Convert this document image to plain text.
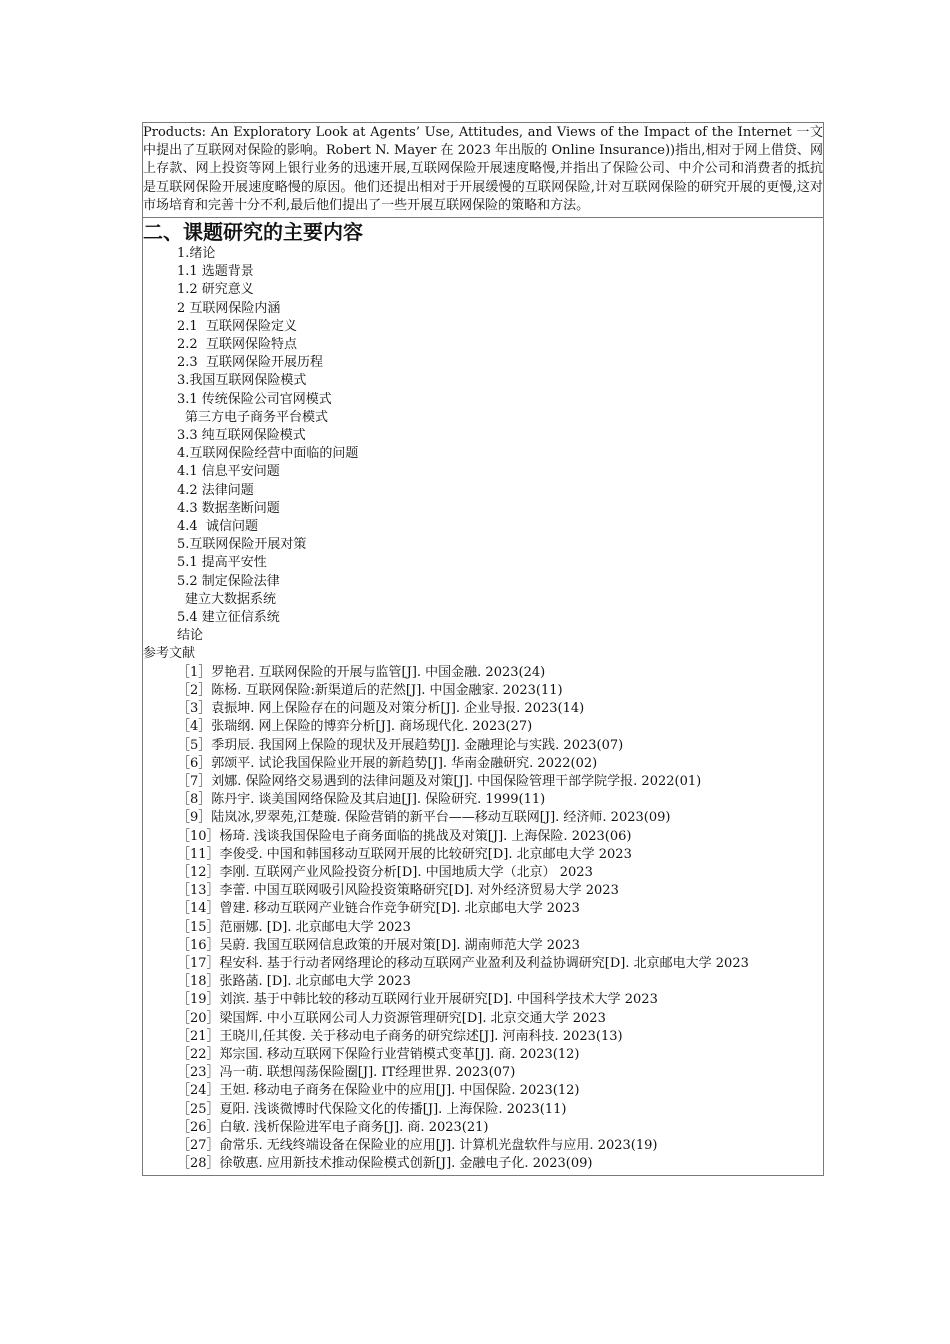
Products: An Exploratory Look at Agents’ Use, Attitudes, and Views of the Impact of the Internet 一文中提出了互联网对保险的影响。Robert N. Mayer 在 2023 年出版的 Online Insurance))指出,相对于网上借贷、网上存款、网上投资等网上银行业务的迅速开展,互联网保险开展速度略慢,并指出了保险公司、中介公司和消费者的抵抗是互联网保险开展速度略慢的原因。他们还提出相对于开展缓慢的互联网保险,计对互联网保险的研究开展的更慢,这对市场培育和完善十分不利,最后他们提出了一些开展互联网保险的策略和方法。

二、课题研究的主要内容
1.绪论
1.1 选题背景
1.2 研究意义
2 互联网保险内涵
2.1  互联网保险定义
2.2  互联网保险特点
2.3  互联网保险开展历程
3.我国互联网保险模式
3.1 传统保险公司官网模式
第三方电子商务平台模式
3.3 纯互联网保险模式
4.互联网保险经营中面临的问题
4.1 信息平安问题
4.2 法律问题
4.3 数据垄断问题
4.4  诚信问题
5.互联网保险开展对策
5.1 提高平安性
5.2 制定保险法律
建立大数据系统
5.4 建立征信系统
结论
参考文献
［1］罗艳君. 互联网保险的开展与监管[J]. 中国金融. 2023(24)
［2］陈杨. 互联网保险:新渠道后的茫然[J]. 中国金融家. 2023(11)
［3］袁振坤. 网上保险存在的问题及对策分析[J]. 企业导报. 2023(14)
［4］张瑞纲. 网上保险的博弈分析[J]. 商场现代化. 2023(27)
［5］季玥辰. 我国网上保险的现状及开展趋势[J]. 金融理论与实践. 2023(07)
［6］郭颂平. 试论我国保险业开展的新趋势[J]. 华南金融研究. 2022(02)
［7］刘娜. 保险网络交易遇到的法律问题及对策[J]. 中国保险管理干部学院学报. 2022(01)
［8］陈丹宇. 谈美国网络保险及其启迪[J]. 保险研究. 1999(11)
［9］陆岚冰,罗翠苑,江楚璇. 保险营销的新平台——移动互联网[J]. 经济师. 2023(09)
［10］杨琦. 浅谈我国保险电子商务面临的挑战及对策[J]. 上海保险. 2023(06)
［11］李俊受. 中国和韩国移动互联网开展的比较研究[D]. 北京邮电大学 2023
［12］李刚. 互联网产业风险投资分析[D]. 中国地质大学（北京） 2023
［13］李蕾. 中国互联网吸引风险投资策略研究[D]. 对外经济贸易大学 2023
［14］曾建. 移动互联网产业链合作竞争研究[D]. 北京邮电大学 2023
［15］范丽娜. [D]. 北京邮电大学 2023
［16］吴蔚. 我国互联网信息政策的开展对策[D]. 湖南师范大学 2023
［17］程安科. 基于行动者网络理论的移动互联网产业盈利及利益协调研究[D]. 北京邮电大学 2023
［18］张路菡. [D]. 北京邮电大学 2023
［19］刘滨. 基于中韩比较的移动互联网行业开展研究[D]. 中国科学技术大学 2023
［20］梁国辉. 中小互联网公司人力资源管理研究[D]. 北京交通大学 2023
［21］王晓川,任其俊. 关于移动电子商务的研究综述[J]. 河南科技. 2023(13)
［22］郑宗国. 移动互联网下保险行业营销模式变革[J]. 商. 2023(12)
［23］冯一萌. 联想闯荡保险圈[J]. IT经理世界. 2023(07)
［24］王妲. 移动电子商务在保险业中的应用[J]. 中国保险. 2023(12)
［25］夏阳. 浅谈微博时代保险文化的传播[J]. 上海保险. 2023(11)
［26］白敏. 浅析保险进军电子商务[J]. 商. 2023(21)
［27］俞常乐. 无线终端设备在保险业的应用[J]. 计算机光盘软件与应用. 2023(19)
［28］徐敬惠. 应用新技术推动保险模式创新[J]. 金融电子化. 2023(09)
